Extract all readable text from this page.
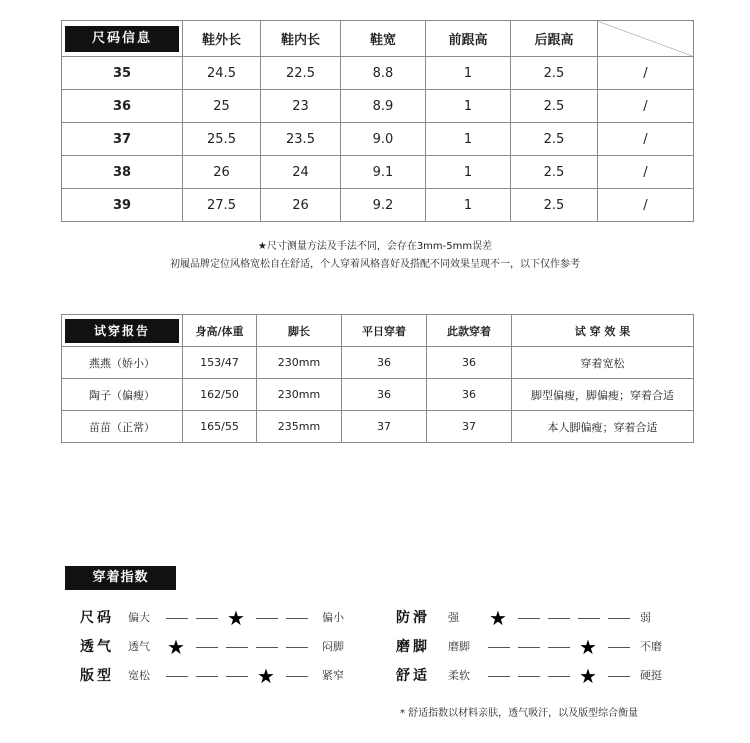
尺码信息	鞋外长	鞋内长	鞋宽	前跟高	后跟高	
35	24.5	22.5	8.8	1	2.5	/
36	25	23	8.9	1	2.5	/
37	25.5	23.5	9.0	1	2.5	/
38	26	24	9.1	1	2.5	/
39	27.5	26	9.2	1	2.5	/
★尺寸测量方法及手法不同，会存在3mm-5mm误差
初履品牌定位风格宽松自在舒适，个人穿着风格喜好及搭配不同效果呈现不一，以下仅作参考
试穿报告	身高/体重	脚长	平日穿着	此款穿着	试 穿 效 果
燕燕（娇小）	153/47	230mm	36	36	穿着宽松
陶子（偏瘦）	162/50	230mm	36	36	脚型偏瘦，脚偏瘦；穿着合适
苗苗（正常）	165/55	235mm	37	37	本人脚偏瘦；穿着合适
穿着指数
尺码 偏大	偏小
★
透气 透气	闷脚
★
版型 宽松	紧窄
★
防滑 强	弱
★
磨脚 磨脚	不磨
★
舒适 柔软	硬挺
★
* 舒适指数以材料亲肤，透气吸汗，以及版型综合衡量
